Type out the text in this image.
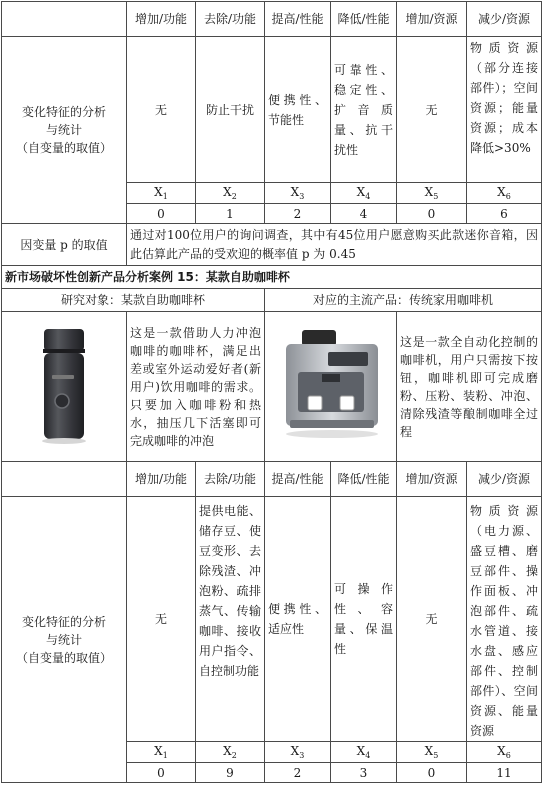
	增加/功能	去除/功能	提高/性能	降低/性能	增加/资源	减少/资源

变化特征的分析
与统计
（自变量的取值）	无	防止干扰	便携性、节能性	可靠性、稳定性、扩音质量、抗干扰性	无	物质资源（部分连接部件）；空间资源；能量资源；成本降低>30%
	$X_1$	$X_2$	$X_3$	$X_4$	$X_5$	$X_6$
	0	1	2	4	0	6
因变量 p 的取值	通过对100位用户的询问调查，其中有45位用户愿意购买此款迷你音箱，因此估算此产品的受欢迎的概率值 p 为 0.45					
新市场破坏性创新产品分析案例 15：某款自助咖啡杯						
研究对象：某款自助咖啡杯			对应的主流产品：传统家用咖啡机			
	这是一款借助人力冲泡咖啡的咖啡杯，满足出差或室外运动爱好者(新用户)饮用咖啡的需求。只要加入咖啡粉和热水，抽压几下活塞即可完成咖啡的冲泡				这是一款全自动化控制的咖啡机，用户只需按下按钮，咖啡机即可完成磨粉、压粉、装粉、冲泡、清除残渣等酿制咖啡全过程	
	增加/功能	去除/功能	提高/性能	降低/性能	增加/资源	减少/资源

变化特征的分析
与统计
（自变量的取值）	无	提供电能、储存豆、使豆变形、去除残渣、冲泡粉、疏排蒸气、传输咖啡、接收用户指令、自控制功能	便携性、适应性	可操作性、容量、保温性	无	物质资源（电力源、盛豆槽、磨豆部件、操作面板、冲泡部件、疏水管道、接水盘、感应部件、控制部件）、空间资源、能量资源
	$X_1$	$X_2$	$X_3$	$X_4$	$X_5$	$X_6$
	0	9	2	3	0	11
